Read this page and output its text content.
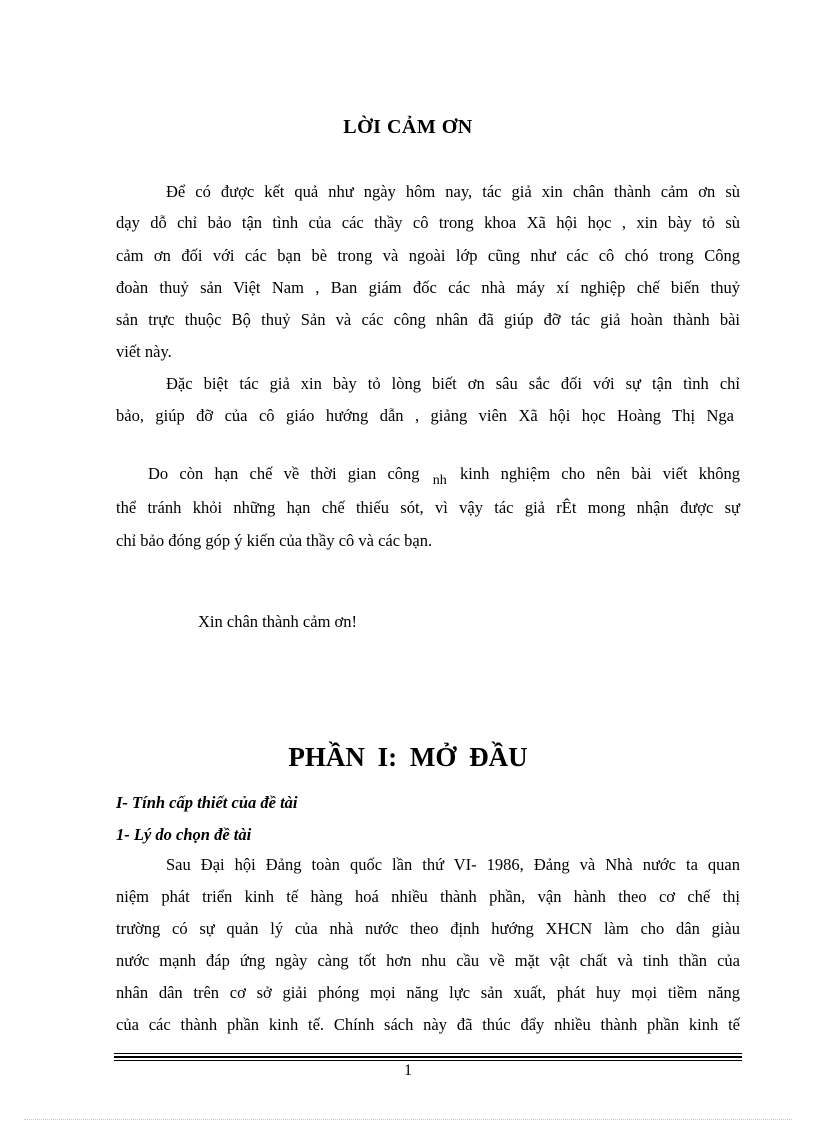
LỜI CẢM ƠN
Để có được kết quả như ngày hôm nay, tác giả xin chân thành cảm ơn sù
dạy dỗ chỉ bảo tận tình của các thầy cô trong khoa Xã hội học , xin bày tỏ sù
cảm ơn đối với các bạn bè trong và ngoài lớp cũng như các cô chó trong Công
đoàn thuỷ sản Việt Nam , Ban giám đốc các nhà máy xí nghiệp chế biến thuỷ
sản trực thuộc Bộ thuỷ Sản và các công nhân đã giúp đỡ tác giả hoàn thành bài
viết này.
Đặc biệt tác giả xin bày tỏ lòng biết ơn sâu sắc đối với sự tận tình chỉ
bảo, giúp đỡ của cô giáo hướng dẫn , giảng viên Xã hội học Hoàng Thị Nga
Do còn hạn chế về thời gian công $_{nh}$ kinh nghiệm cho nên bài viết không
thể tránh khỏi những hạn chế thiếu sót, vì vậy tác giả rÊt mong nhận được sự
chỉ bảo đóng góp ý kiến của thầy cô và các bạn.
Xin chân thành cảm ơn!
PHẦN I: MỞ ĐẦU
I- Tính cấp thiết của đề tài
1- Lý do chọn đề tài
Sau Đại hội Đảng toàn quốc lần thứ VI- 1986, Đảng và Nhà nước ta quan
niệm phát triển kinh tế hàng hoá nhiều thành phần, vận hành theo cơ chế thị
trường có sự quản lý của nhà nước theo định hướng XHCN làm cho dân giàu
nước mạnh đáp ứng ngày càng tốt hơn nhu cầu về mặt vật chất và tinh thần của
nhân dân trên cơ sở giải phóng mọi năng lực sản xuất, phát huy mọi tiềm năng
của các thành phần kinh tế. Chính sách này đã thúc đẩy nhiều thành phần kinh tế
1
